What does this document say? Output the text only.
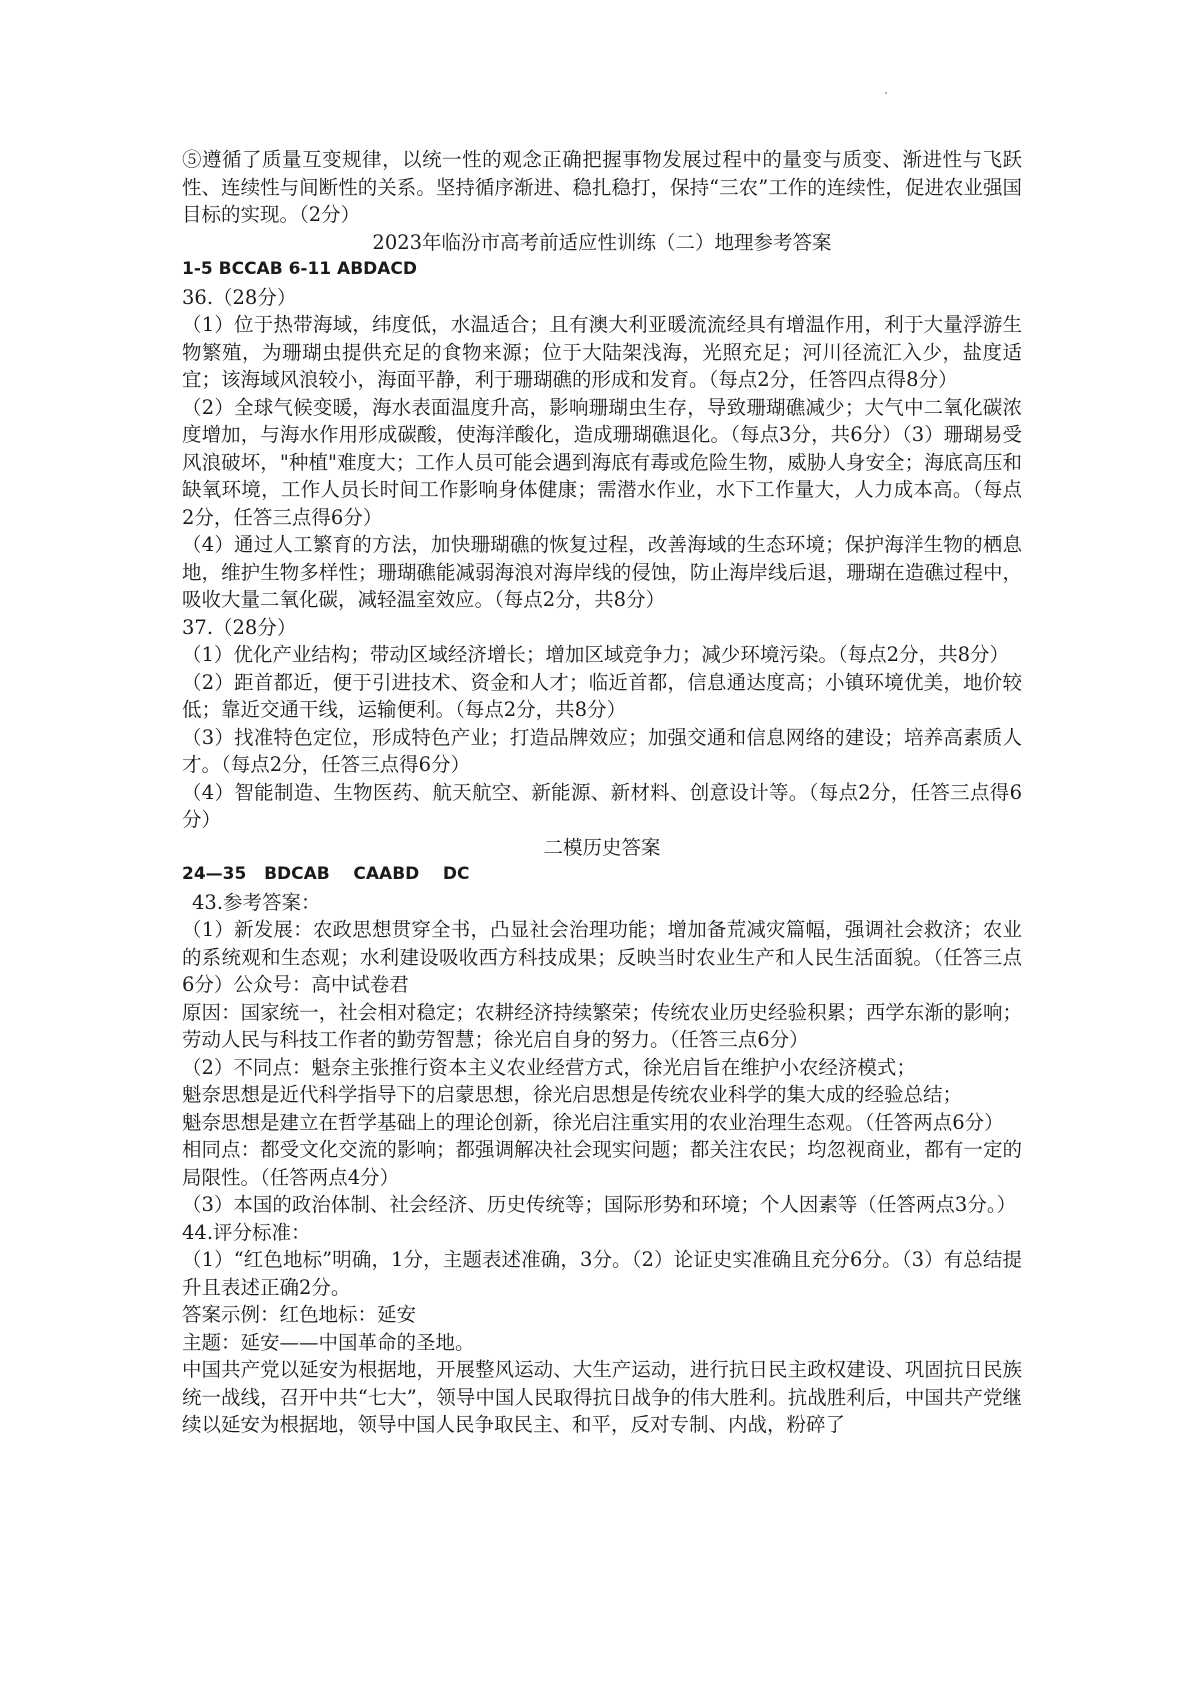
⑤遵循了质量互变规律，以统一性的观念正确把握事物发展过程中的量变与质变、渐进性与飞跃性、连续性与间断性的关系。坚持循序渐进、稳扎稳打，保持“三农”工作的连续性，促进农业强国目标的实现。（2分）

2023年临汾市高考前适应性训练（二）地理参考答案

1-5 BCCAB 6-11 ABDACD

36.（28分）

（1）位于热带海域，纬度低，水温适合；且有澳大利亚暖流流经具有增温作用，利于大量浮游生物繁殖，为珊瑚虫提供充足的食物来源；位于大陆架浅海，光照充足；河川径流汇入少，盐度适宜；该海域风浪较小，海面平静，利于珊瑚礁的形成和发育。（每点2分，任答四点得8分）

（2）全球气候变暖，海水表面温度升高，影响珊瑚虫生存，导致珊瑚礁减少；大气中二氧化碳浓度增加，与海水作用形成碳酸，使海洋酸化，造成珊瑚礁退化。（每点3分，共6分）（3）珊瑚易受风浪破坏，"种植"难度大；工作人员可能会遇到海底有毒或危险生物，威胁人身安全；海底高压和缺氧环境，工作人员长时间工作影响身体健康；需潜水作业，水下工作量大，人力成本高。（每点2分，任答三点得6分）

（4）通过人工繁育的方法，加快珊瑚礁的恢复过程，改善海域的生态环境；保护海洋生物的栖息地，维护生物多样性；珊瑚礁能减弱海浪对海岸线的侵蚀，防止海岸线后退，珊瑚在造礁过程中，吸收大量二氧化碳，减轻温室效应。（每点2分，共8分）

37.（28分）

（1）优化产业结构；带动区域经济增长；增加区域竞争力；减少环境污染。（每点2分，共8分）

（2）距首都近，便于引进技术、资金和人才；临近首都，信息通达度高；小镇环境优美，地价较低；靠近交通干线，运输便利。（每点2分，共8分）

（3）找准特色定位，形成特色产业；打造品牌效应；加强交通和信息网络的建设；培养高素质人才。（每点2分，任答三点得6分）

（4）智能制造、生物医药、航天航空、新能源、新材料、创意设计等。（每点2分，任答三点得6分）

二模历史答案

24—35   BDCAB    CAABD    DC

43.参考答案：

（1）新发展：农政思想贯穿全书，凸显社会治理功能；增加备荒减灾篇幅，强调社会救济；农业的系统观和生态观；水利建设吸收西方科技成果；反映当时农业生产和人民生活面貌。（任答三点6分）公众号：高中试卷君

原因：国家统一，社会相对稳定；农耕经济持续繁荣；传统农业历史经验积累；西学东渐的影响；劳动人民与科技工作者的勤劳智慧；徐光启自身的努力。（任答三点6分）

（2）不同点：魁奈主张推行资本主义农业经营方式，徐光启旨在维护小农经济模式；

魁奈思想是近代科学指导下的启蒙思想，徐光启思想是传统农业科学的集大成的经验总结；

魁奈思想是建立在哲学基础上的理论创新，徐光启注重实用的农业治理生态观。（任答两点6分）

相同点：都受文化交流的影响；都强调解决社会现实问题；都关注农民；均忽视商业，都有一定的局限性。（任答两点4分）

（3）本国的政治体制、社会经济、历史传统等；国际形势和环境；个人因素等（任答两点3分。）

44.评分标准：

（1）“红色地标”明确，1分，主题表述准确，3分。（2）论证史实准确且充分6分。（3）有总结提升且表述正确2分。

答案示例：红色地标：延安

主题：延安——中国革命的圣地。

中国共产党以延安为根据地，开展整风运动、大生产运动，进行抗日民主政权建设、巩固抗日民族统一战线，召开中共“七大”，领导中国人民取得抗日战争的伟大胜利。抗战胜利后，中国共产党继续以延安为根据地，领导中国人民争取民主、和平，反对专制、内战，粉碎了
